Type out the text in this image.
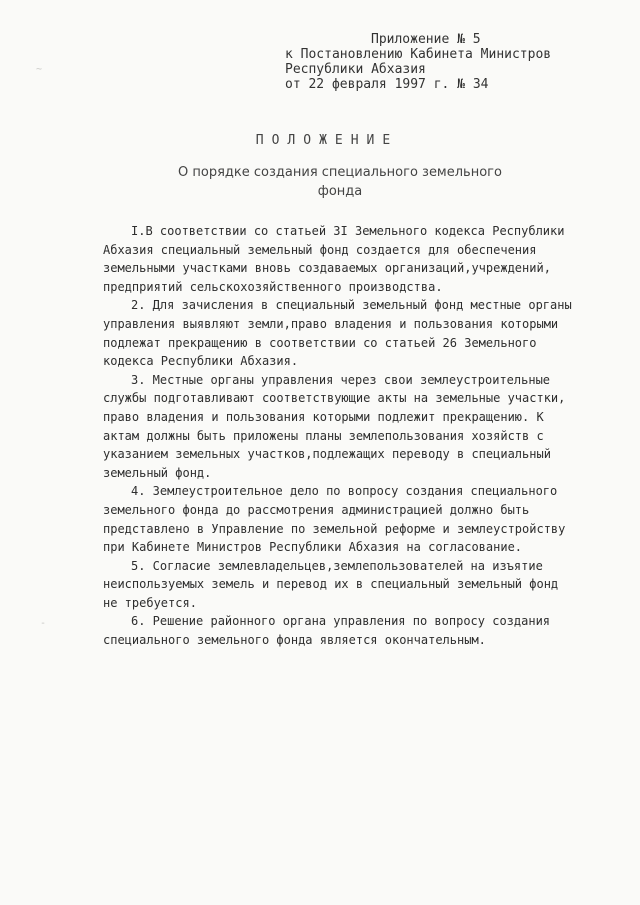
~
-
Приложение № 5
к Постановлению Кабинета Министров
Республики Абхазия
от 22 февраля 1997 г. № 34
ПОЛОЖЕНИЕ
О порядке создания специального земельного
фонда
I.В соответствии со статьей 3I Земельного кодекса Республики
Абхазия специальный земельный фонд создается для обеспечения
земельными участками вновь создаваемых организаций,учреждений,
предприятий сельскохозяйственного производства.
2. Для зачисления в специальный земельный фонд местные органы
управления выявляют земли,право владения и пользования которыми
подлежат прекращению в соответствии со статьей 26 Земельного
кодекса Республики Абхазия.
3. Местные органы управления через свои землеустроительные
службы подготавливают соответствующие акты на земельные участки,
право владения и пользования которыми подлежит прекращению. К
актам должны быть приложены планы землепользования хозяйств с
указанием земельных участков,подлежащих переводу в специальный
земельный фонд.
4. Землеустроительное дело по вопросу создания специального
земельного фонда до рассмотрения администрацией должно быть
представлено в Управление по земельной реформе и землеустройству
при Кабинете Министров Республики Абхазия на согласование.
5. Согласие землевладельцев,землепользователей на изъятие
неиспользуемых земель и перевод их в специальный земельный фонд
не требуется.
6. Решение районного органа управления по вопросу создания
специального земельного фонда является окончательным.
